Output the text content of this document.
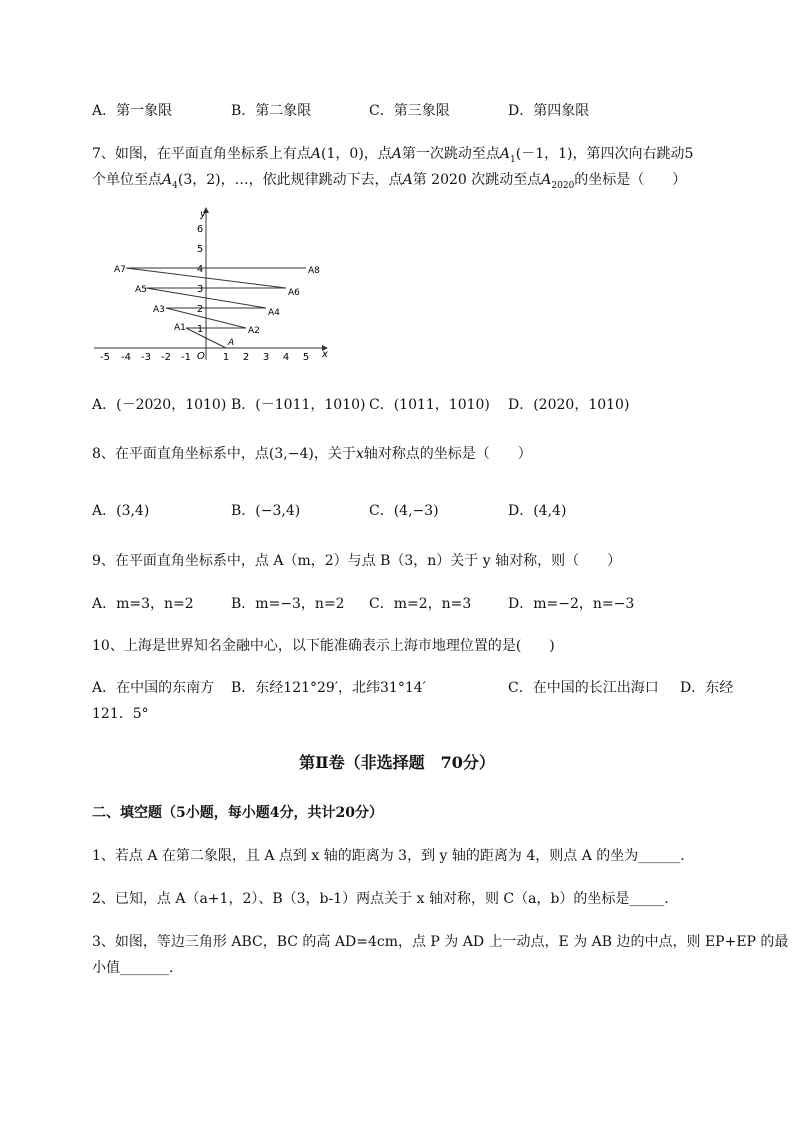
A．第一象限	B．第二象限	C．第三象限	D．第四象限
7、如图，在平面直角坐标系上有点A(1，0)，点A第一次跳动至点$A_1(-1$，1)，第四次向右跳动5
个单位至点$A_4(3$，2)，…，依此规律跳动下去，点A第 2020 次跳动至点$A_{2020}$的坐标是（　　）
x
y
O
-5 -4 -3 -2 -1	1 2 3 4 5
1
2
3
4
5
6
A
A1	A2
A3	A4
A5	A6
A7	A8
A．(－2020，1010) B．(－1011，1010) C．(1011，1010) D．(2020，1010)
8、在平面直角坐标系中，点(3,−4)，关于x轴对称点的坐标是（　　）
A．(3,4)	B．(−3,4)	C．(4,−3)	D．(4,4)
9、在平面直角坐标系中，点 A（m，2）与点 B（3，n）关于 y 轴对称，则（　　）
A．m=3，n=2	B．m=−3，n=2 C．m=2，n=3	D．m=−2，n=−3
10、上海是世界知名金融中心，以下能准确表示上海市地理位置的是(　　)
A．在中国的东南方 B．东经121°29′，北纬31°14′	C．在中国的长江出海口 D．东经
121．5°
第Ⅱ卷（非选择题　70分）
二、填空题（5小题，每小题4分，共计20分）
1、若点 A 在第二象限，且 A 点到 x 轴的距离为 3，到 y 轴的距离为 4，则点 A 的坐为______.
2、已知，点 A（a+1，2）、B（3，b-1）两点关于 x 轴对称，则 C（a，b）的坐标是_____.
3、如图，等边三角形 ABC，BC 的高 AD=4cm，点 P 为 AD 上一动点，E 为 AB 边的中点，则 EP+EP 的最
小值_______.
